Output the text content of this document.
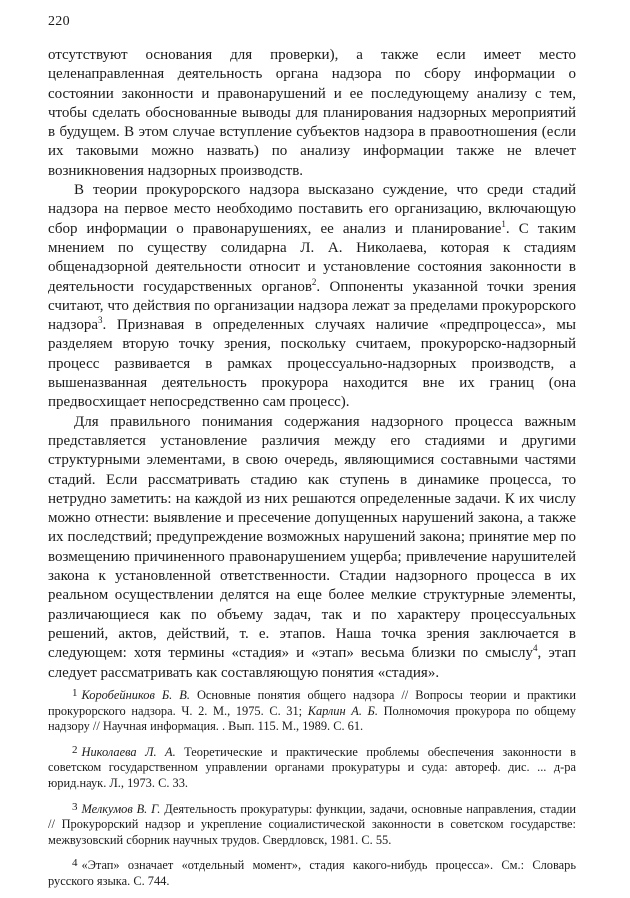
220

отсутствуют основания для проверки), а также если имеет место целенаправленная деятельность органа надзора по сбору информации о состоянии законности и правонарушений и ее последующему анализу с тем, чтобы сделать обоснованные выводы для планирования надзорных мероприятий в будущем. В этом случае вступление субъектов надзора в правоотношения (если их таковыми можно назвать) по анализу информации также не влечет возникновения надзорных производств.

В теории прокурорского надзора высказано суждение, что среди стадий надзора на первое место необходимо поставить его организацию, включающую сбор информации о правонарушениях, ее анализ и планирование$^1$. С таким мнением по существу солидарна Л. А. Николаева, которая к стадиям общенадзорной деятельности относит и установление состояния законности в деятельности государственных органов$^2$. Оппоненты указанной точки зрения считают, что действия по организации надзора лежат за пределами прокурорского надзора$^3$. Признавая в определенных случаях наличие «предпроцесса», мы разделяем вторую точку зрения, поскольку считаем, прокурорско-надзорный процесс развивается в рамках процессуально-надзорных производств, а вышеназванная деятельность прокурора находится вне их границ (она предвосхищает непосредственно сам процесс).

Для правильного понимания содержания надзорного процесса важным представляется установление различия между его стадиями и другими структурными элементами, в свою очередь, являющимися составными частями стадий. Если рассматривать стадию как ступень в динамике процесса, то нетрудно заметить: на каждой из них решаются определенные задачи. К их числу можно отнести: выявление и пресечение допущенных нарушений закона, а также их последствий; предупреждение возможных нарушений закона; принятие мер по возмещению причиненного правонарушением ущерба; привлечение нарушителей закона к установленной ответственности. Стадии надзорного процесса в их реальном осуществлении делятся на еще более мелкие структурные элементы, различающиеся как по объему задач, так и по характеру процессуальных решений, актов, действий, т. е. этапов. Наша точка зрения заключается в следующем: хотя термины «стадия» и «этап» весьма близки по смыслу$^4$, этап следует рассматривать как составляющую понятия «стадия».

1 Коробейников Б. В. Основные понятия общего надзора // Вопросы теории и практики прокурорского надзора. Ч. 2. М., 1975. С. 31; Карлин А. Б. Полномочия прокурора по общему надзору // Научная информация. . Вып. 115. М., 1989. С. 61.

2 Николаева Л. А. Теоретические и практические проблемы обеспечения законности в советском государственном управлении органами прокуратуры и суда: автореф. дис. ... д-ра юрид.наук. Л., 1973. С. 33.

3 Мелкумов В. Г. Деятельность прокуратуры: функции, задачи, основные направления, стадии // Прокурорский надзор и укрепление социалистической законности в советском государстве: межвузовский сборник научных трудов. Свердловск, 1981. С. 55.

4 «Этап» означает «отдельный момент», стадия какого-нибудь процесса». См.: Словарь русского языка. С. 744.
